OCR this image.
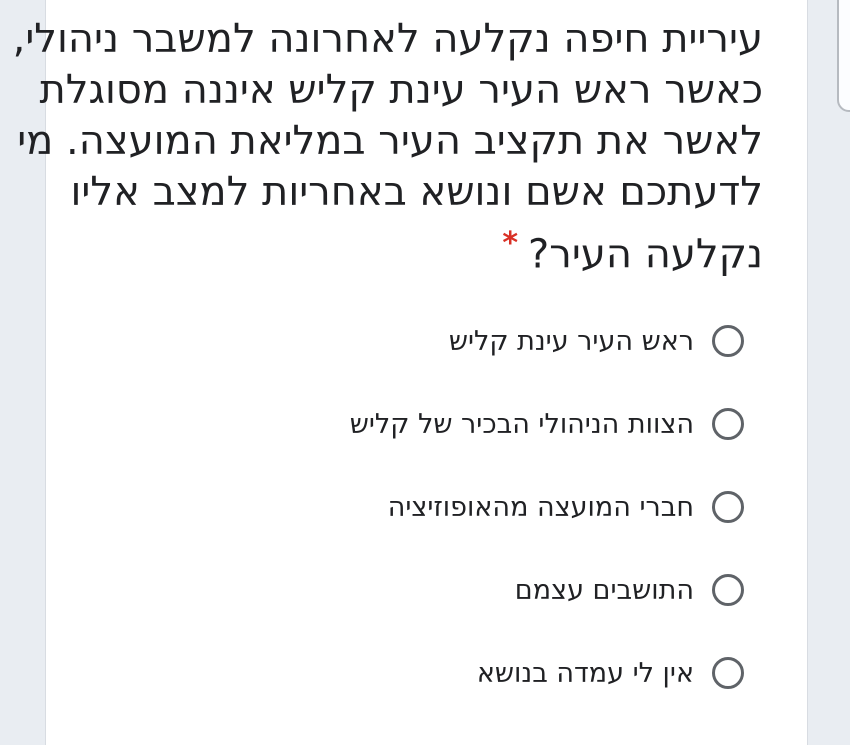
עיריית חיפה נקלעה לאחרונה למשבר ניהולי,
כאשר ראש העיר עינת קליש איננה מסוגלת
לאשר את תקציב העיר במליאת המועצה. מי
לדעתכם אשם ונושא באחריות למצב אליו
נקלעה העיר?*
ראש העיר עינת קליש
הצוות הניהולי הבכיר של קליש
חברי המועצה מהאופוזיציה
התושבים עצמם
אין לי עמדה בנושא
